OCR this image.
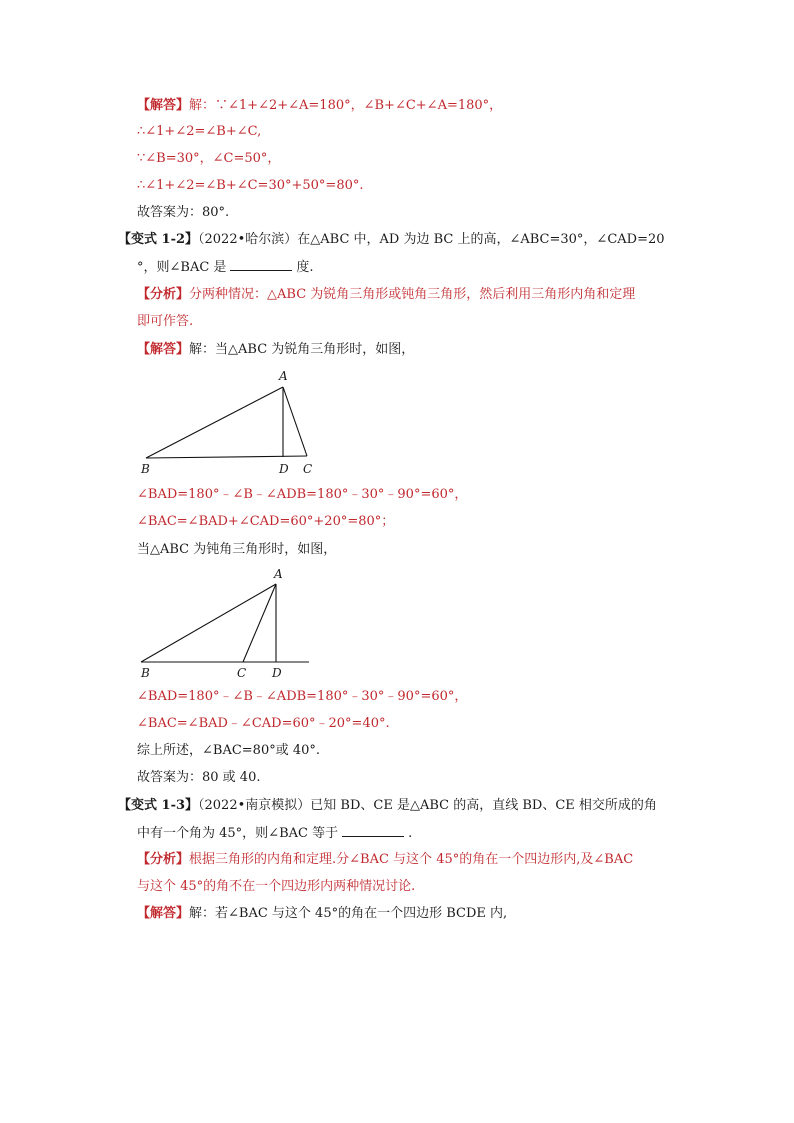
【解答】解：∵∠1+∠2+∠A=180°，∠B+∠C+∠A=180°，
∴∠1+∠2=∠B+∠C,
∵∠B=30°，∠C=50°，
∴∠1+∠2=∠B+∠C=30°+50°=80°.
故答案为：80°.
【变式 1-2】（2022•哈尔滨）在△ABC 中，AD 为边 BC 上的高，∠ABC=30°，∠CAD=20
°，则∠BAC 是	度.
【分析】分两种情况：△ABC 为锐角三角形或钝角三角形，然后利用三角形内角和定理
即可作答.
【解答】解：当△ABC 为锐角三角形时，如图，
A
B	D C
∠BAD=180°﹣∠B﹣∠ADB=180°﹣30°﹣90°=60°，
∠BAC=∠BAD+∠CAD=60°+20°=80°；
当△ABC 为钝角三角形时，如图，
A
B	C D
∠BAD=180°﹣∠B﹣∠ADB=180°﹣30°﹣90°=60°，
∠BAC=∠BAD﹣∠CAD=60°﹣20°=40°.
综上所述，∠BAC=80°或 40°.
故答案为：80 或 40.
【变式 1-3】（2022•南京模拟）已知 BD、CE 是△ABC 的高，直线 BD、CE 相交所成的角
中有一个角为 45°，则∠BAC 等于	.
【分析】根据三角形的内角和定理.分∠BAC 与这个 45°的角在一个四边形内,及∠BAC
与这个 45°的角不在一个四边形内两种情况讨论.
【解答】解：若∠BAC 与这个 45°的角在一个四边形 BCDE 内,
